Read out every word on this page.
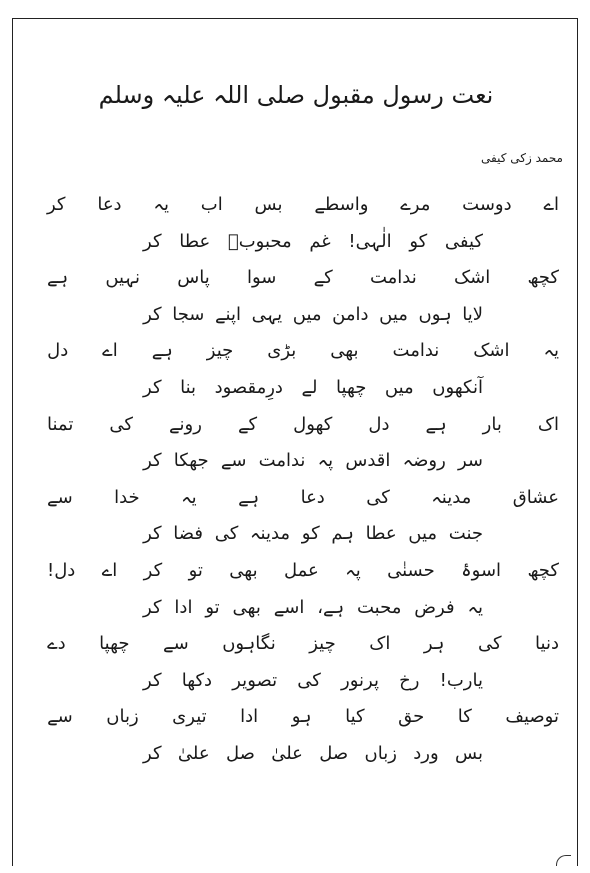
نعت رسول مقبول صلی اللہ علیہ وسلم
محمد زکی کیفی
اے
دوست
مرے
واسطے
بس
اب
یہ
دعا
کر
کیفی
کو
الٰہی!
غم
محبوبؐ
عطا
کر
کچھ
اشک
ندامت
کے
سوا
پاس
نہیں
ہے
لایا
ہوں
میں
دامن
میں
یہی
اپنے
سجا
کر
یہ
اشک
ندامت
بھی
بڑی
چیز
ہے
اے
دل
آنکھوں
میں
چھپا
لے
درِمقصود
بنا
کر
اک
بار
ہے
دل
کھول
کے
رونے
کی
تمنا
سر
روضہ
اقدس
پہ
ندامت
سے
جھکا
کر
عشاق
مدینہ
کی
دعا
ہے
یہ
خدا
سے
جنت
میں
عطا
ہم
کو
مدینہ
کی
فضا
کر
کچھ
اسوۂ
حسنٰی
پہ
عمل
بھی
تو
کر
اے
دل!
یہ
فرض
محبت
ہے،
اسے
بھی
تو
ادا
کر
دنیا
کی
ہر
اک
چیز
نگاہوں
سے
چھپا
دے
یارب!
رخ
پرنور
کی
تصویر
دکھا
کر
توصیف
کا
حق
کیا
ہو
ادا
تیری
زباں
سے
بس
ورد
زباں
صل
علیٰ
صل
علیٰ
کر
